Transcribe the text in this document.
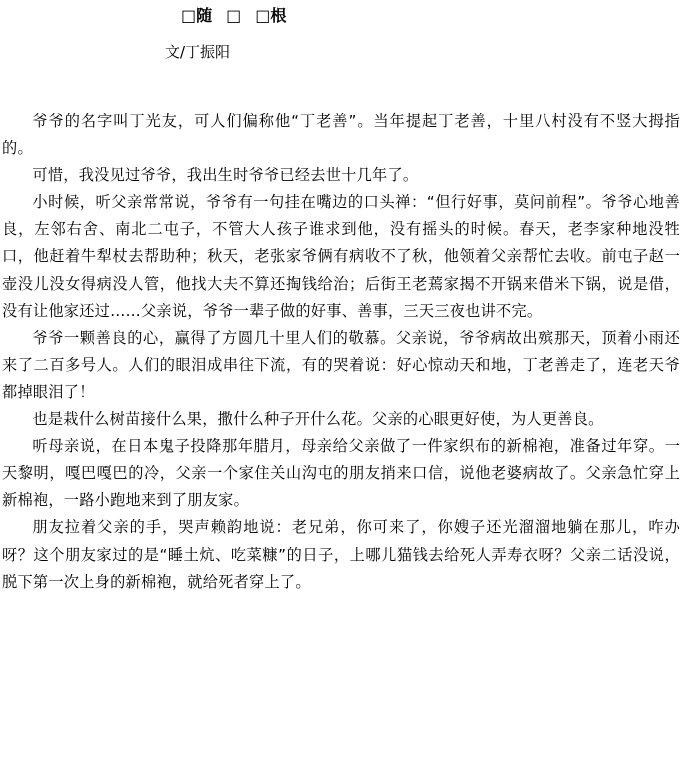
□ 随 □ □ 根
文/丁振阳

爷爷的名字叫丁光友，可人们偏称他“丁老善”。当年提起丁老善，十里八村没有不竖大拇指的。

可惜，我没见过爷爷，我出生时爷爷已经去世十几年了。

小时候，听父亲常常说，爷爷有一句挂在嘴边的口头禅：“但行好事，莫问前程”。爷爷心地善良，左邻右舍、南北二屯子，不管大人孩子谁求到他，没有摇头的时候。春天，老李家种地没牲口，他赶着牛犁杖去帮助种；秋天，老张家爷俩有病收不了秋，他领着父亲帮忙去收。前屯子赵一壶没儿没女得病没人管，他找大夫不算还掏钱给治；后街王老蔫家揭不开锅来借米下锅，说是借，没有让他家还过……父亲说，爷爷一辈子做的好事、善事，三天三夜也讲不完。

爷爷一颗善良的心，赢得了方圆几十里人们的敬慕。父亲说，爷爷病故出殡那天，顶着小雨还来了二百多号人。人们的眼泪成串往下流，有的哭着说：好心惊动天和地，丁老善走了，连老天爷都掉眼泪了！

也是栽什么树苗接什么果，撒什么种子开什么花。父亲的心眼更好使，为人更善良。

听母亲说，在日本鬼子投降那年腊月，母亲给父亲做了一件家织布的新棉袍，准备过年穿。一天黎明，嘎巴嘎巴的冷，父亲一个家住关山沟屯的朋友捎来口信，说他老婆病故了。父亲急忙穿上新棉袍，一路小跑地来到了朋友家。

朋友拉着父亲的手，哭声赖韵地说：老兄弟，你可来了，你嫂子还光溜溜地躺在那儿，咋办呀？这个朋友家过的是“睡土炕、吃菜糠”的日子，上哪儿猫钱去给死人弄寿衣呀？父亲二话没说，脱下第一次上身的新棉袍，就给死者穿上了。
